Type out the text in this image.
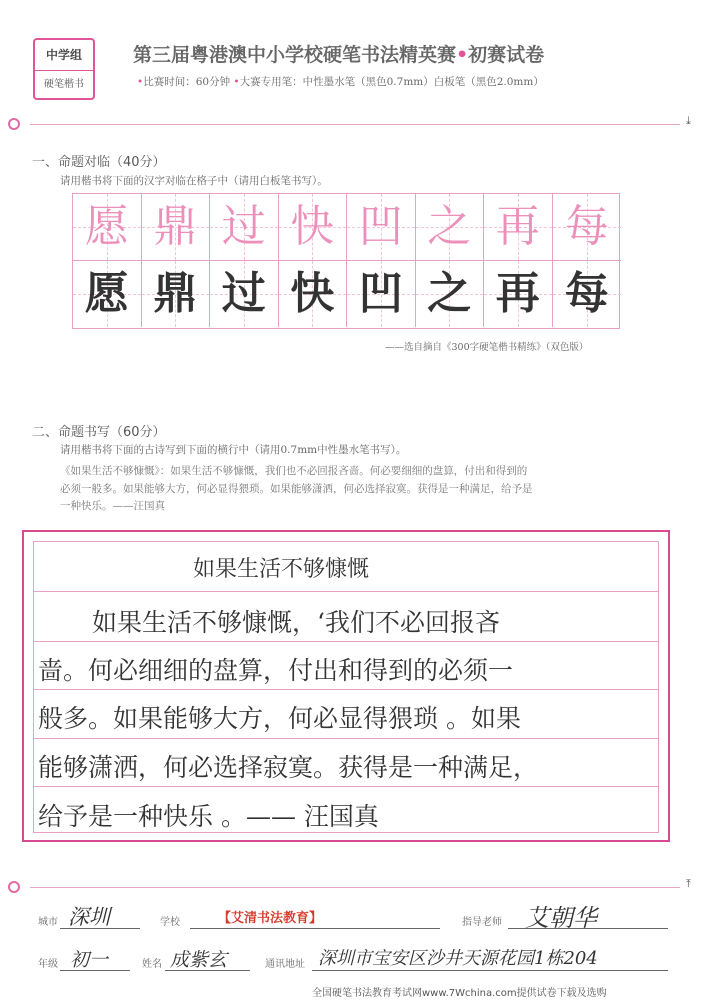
中学组
硬笔楷书
第三届粤港澳中小学校硬笔书法精英赛•初赛试卷
•比赛时间：60分钟 •大赛专用笔：中性墨水笔（黑色0.7mm）白板笔（黑色2.0mm）
⤓
一、命题对临（40分）
请用楷书将下面的汉字对临在格子中（请用白板笔书写）。
愿 鼎 过 快 凹 之 再 每
愿 鼎 过 快 凹 之 再 每
——选自摘自《300字硬笔楷书精练》（双色版）
二、命题书写（60分）
请用楷书将下面的古诗写到下面的横行中（请用0.7mm中性墨水笔书写）。
《如果生活不够慷慨》：如果生活不够慷慨，我们也不必回报吝啬。何必要细细的盘算，付出和得到的
必须一般多。如果能够大方，何必显得猥琐。如果能够潇洒，何必选择寂寞。获得是一种满足，给予是
一种快乐。——汪国真
如果生活不够慷慨
如果生活不够慷慨，‘我们不必回报吝
啬。何必细细的盘算，付出和得到的必须一
般多。如果能够大方，何必显得猥琐 。如果
能够潇洒，何必选择寂寞。获得是一种满足，
给予是一种快乐 。—— 汪国真
⤒
城市 深圳	学校	【艾清书法教育】	指导老师 艾朝华
年级 初一	姓名 成紫玄	通讯地址 深圳市宝安区沙井天源花园1栋204
全国硬笔书法教育考试网www.7Wchina.com提供试卷下载及选购
